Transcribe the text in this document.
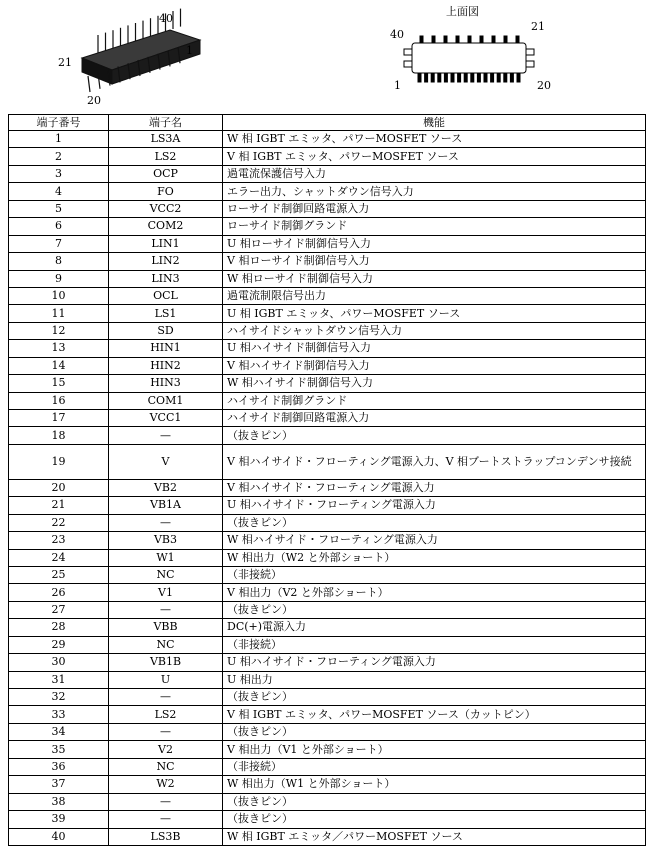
40
1
21
20
上面図
40
21
1	20
端子番号	端子名	機能
1	LS3A	W 相 IGBT エミッタ、パワーMOSFET ソース
2	LS2	V 相 IGBT エミッタ、パワーMOSFET ソース
3	OCP	過電流保護信号入力
4	FO	エラー出力、シャットダウン信号入力
5	VCC2	ローサイド制御回路電源入力
6	COM2	ローサイド制御グランド
7	LIN1	U 相ローサイド制御信号入力
8	LIN2	V 相ローサイド制御信号入力
9	LIN3	W 相ローサイド制御信号入力
10	OCL	過電流制限信号出力
11	LS1	U 相 IGBT エミッタ、パワーMOSFET ソース
12	SD	ハイサイドシャットダウン信号入力
13	HIN1	U 相ハイサイド制御信号入力
14	HIN2	V 相ハイサイド制御信号入力
15	HIN3	W 相ハイサイド制御信号入力
16	COM1	ハイサイド制御グランド
17	VCC1	ハイサイド制御回路電源入力
18	—	（抜きピン）
19	V	V 相ハイサイド・フローティング電源入力、V 相ブートストラップコンデンサ接続
20	VB2	V 相ハイサイド・フローティング電源入力
21	VB1A	U 相ハイサイド・フローティング電源入力
22	—	（抜きピン）
23	VB3	W 相ハイサイド・フローティング電源入力
24	W1	W 相出力（W2 と外部ショート）
25	NC	（非接続）
26	V1	V 相出力（V2 と外部ショート）
27	—	（抜きピン）
28	VBB	DC(+)電源入力
29	NC	（非接続）
30	VB1B	U 相ハイサイド・フローティング電源入力
31	U	U 相出力
32	—	（抜きピン）
33	LS2	V 相 IGBT エミッタ、パワーMOSFET ソース（カットピン）
34	—	（抜きピン）
35	V2	V 相出力（V1 と外部ショート）
36	NC	（非接続）
37	W2	W 相出力（W1 と外部ショート）
38	—	（抜きピン）
39	—	（抜きピン）
40	LS3B	W 相 IGBT エミッタ／パワーMOSFET ソース
